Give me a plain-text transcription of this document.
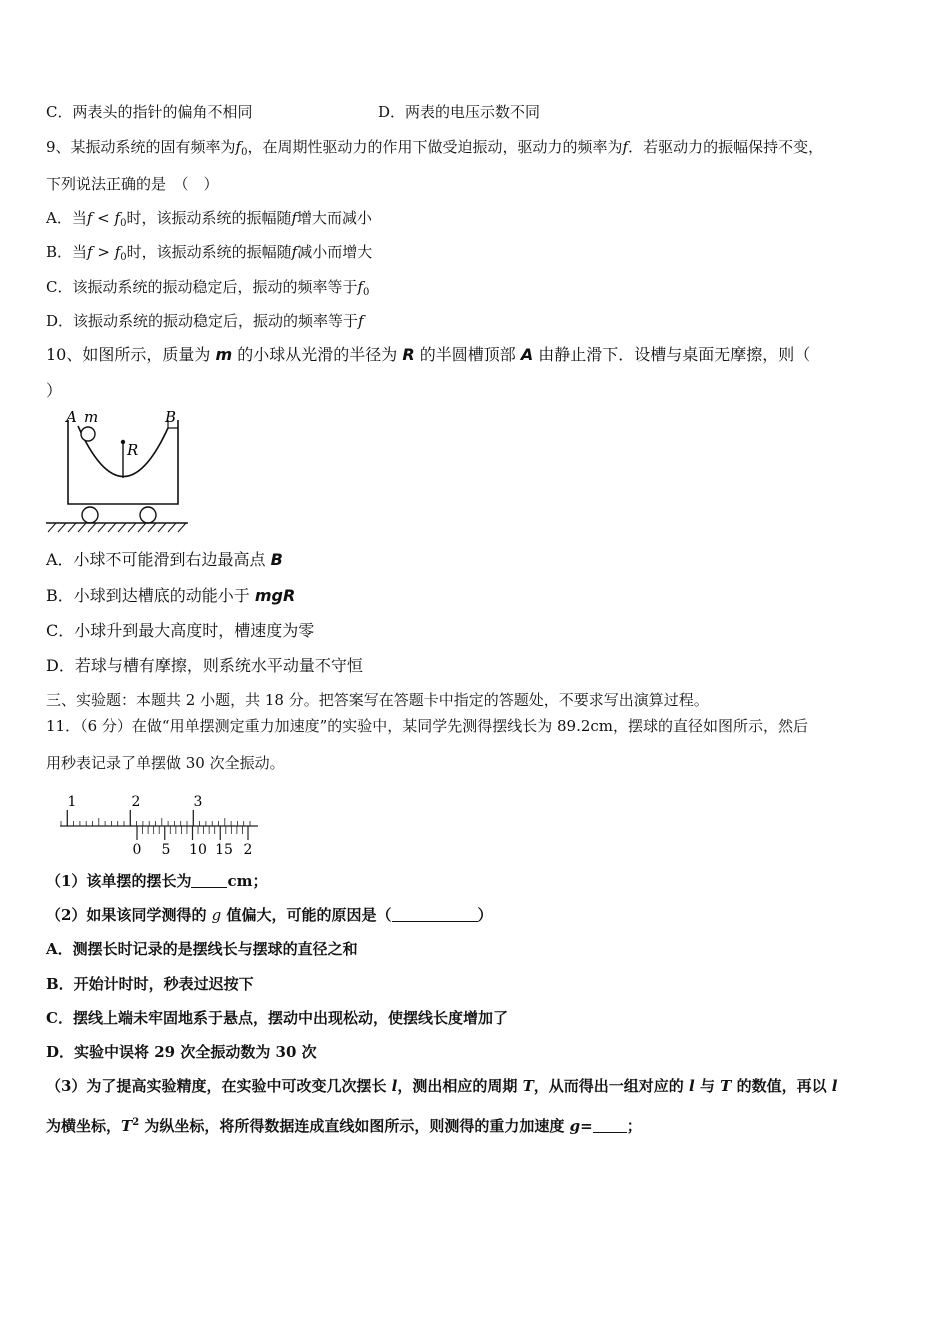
C．两表头的指针的偏角不相同	D．两表的电压示数不同
9、某振动系统的固有频率为$f_0$，在周期性驱动力的作用下做受迫振动，驱动力的频率为f．若驱动力的振幅保持不变，
下列说法正确的是　（　）
A．当$f < f_0$时，该振动系统的振幅随f增大而减小
B．当$f > f_0$时，该振动系统的振幅随f减小而增大
C．该振动系统的振动稳定后，振动的频率等于$f_0$
D．该振动系统的振动稳定后，振动的频率等于f
10、如图所示，质量为 m 的小球从光滑的半径为 R 的半圆槽顶部 A 由静止滑下．设槽与桌面无摩擦，则（
）
A m	B
R
A．小球不可能滑到右边最高点 B
B．小球到达槽底的动能小于 mgR
C．小球升到最大高度时，槽速度为零
D．若球与槽有摩擦，则系统水平动量不守恒
三、实验题：本题共 2 小题，共 18 分。把答案写在答题卡中指定的答题处，不要求写出演算过程。
11．（6 分）在做“用单摆测定重力加速度”的实验中，某同学先测得摆线长为 89.2cm，摆球的直径如图所示，然后
用秒表记录了单摆做 30 次全振动。
1	2	3
0 5 10 15 2
（1）该单摆的摆长为 cm；
（2）如果该同学测得的 g 值偏大，可能的原因是（	）
A．测摆长时记录的是摆线长与摆球的直径之和
B．开始计时时，秒表过迟按下
C．摆线上端未牢固地系于悬点，摆动中出现松动，使摆线长度增加了
D．实验中误将 29 次全振动数为 30 次
（3）为了提高实验精度，在实验中可改变几次摆长 l，测出相应的周期 T，从而得出一组对应的 l 与 T 的数值，再以 l
为横坐标，$T^2$ 为纵坐标，将所得数据连成直线如图所示，则测得的重力加速度 g= ；
